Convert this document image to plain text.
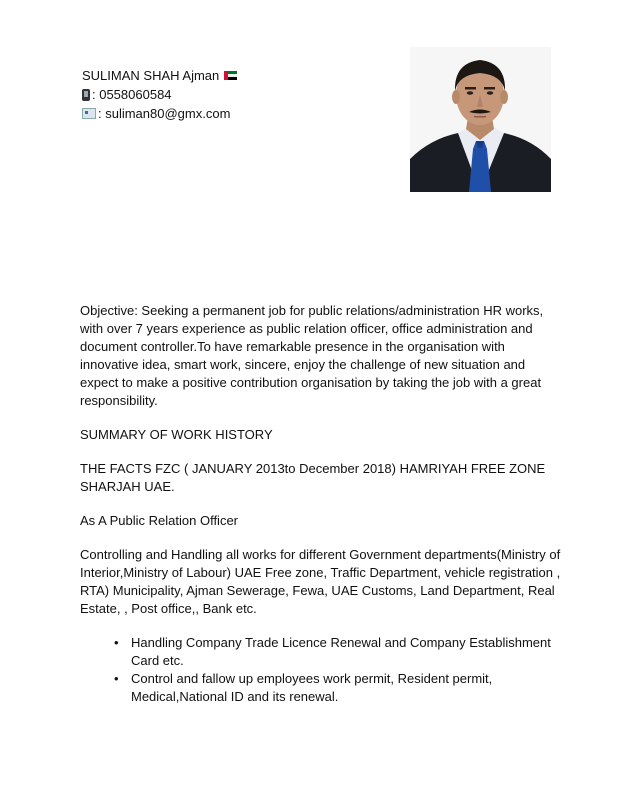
SULIMAN SHAH Ajman
: 0558060584
: suliman80@gmx.com

Objective: Seeking a permanent job for public relations/administration HR works, with over 7 years experience as public relation officer, office administration and document controller.To have remarkable presence in the organisation with innovative idea, smart work, sincere, enjoy the challenge of new situation and expect to make a positive contribution organisation by taking the job with a great responsibility.

SUMMARY OF WORK HISTORY

THE FACTS FZC ( JANUARY 2013to December 2018) HAMRIYAH FREE ZONE SHARJAH UAE.

As A Public Relation Officer

Controlling and Handling all works for different Government departments(Ministry of Interior,Ministry of Labour) UAE Free zone, Traffic Department, vehicle registration , RTA) Municipality, Ajman Sewerage, Fewa, UAE Customs, Land Department, Real Estate, , Post office,, Bank etc.

• Handling Company Trade Licence Renewal and Company Establishment Card etc.
• Control and fallow up employees work permit, Resident permit, Medical,National ID and its renewal.
